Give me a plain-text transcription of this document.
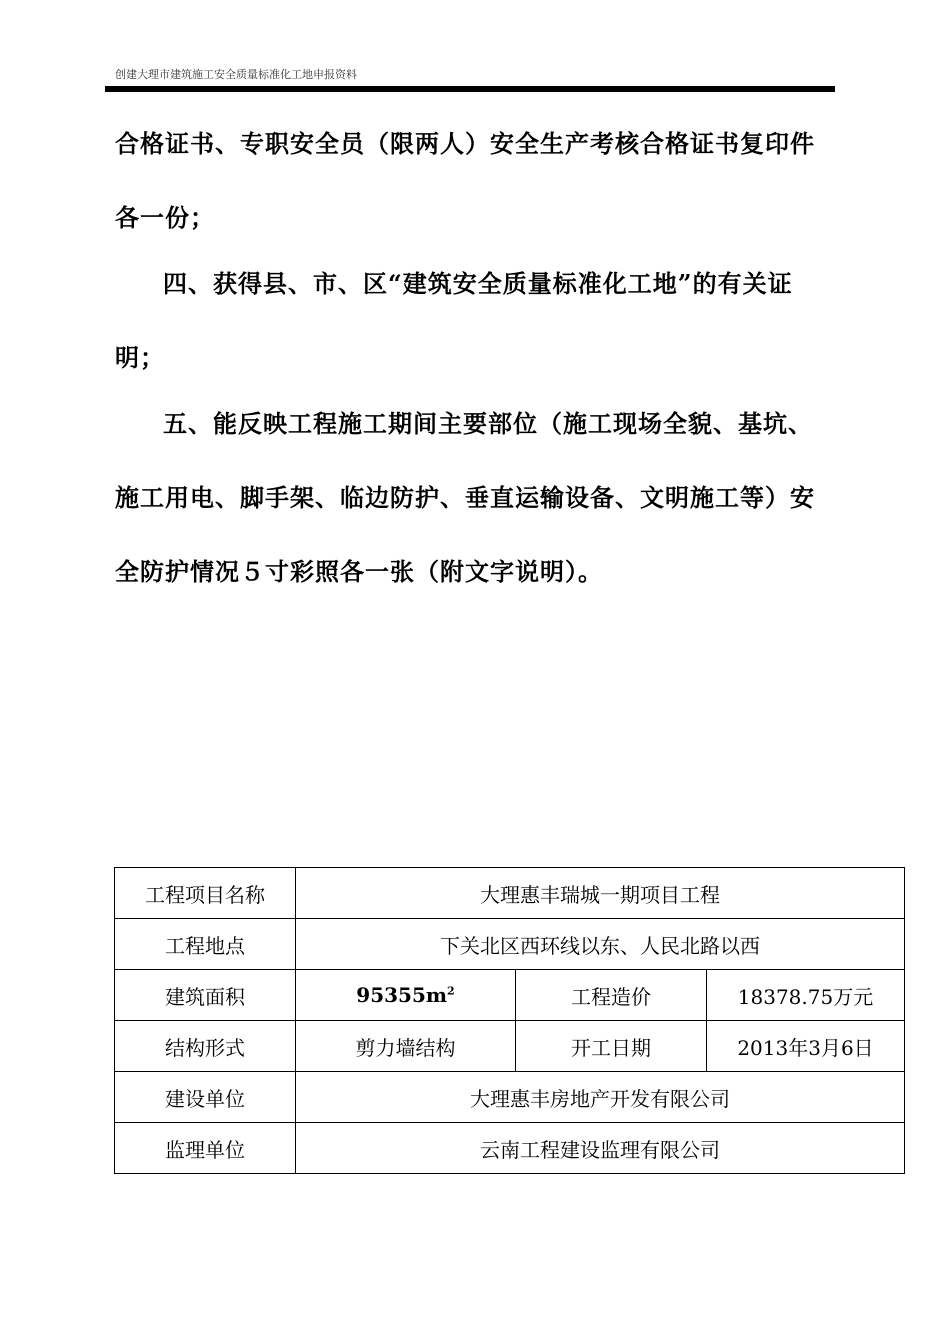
创建大理市建筑施工安全质量标准化工地申报资料
合格证书、专职安全员（限两人）安全生产考核合格证书复印件
各一份；
四、获得县、市、区“建筑安全质量标准化工地”的有关证
明；
五、能反映工程施工期间主要部位（施工现场全貌、基坑、
施工用电、脚手架、临边防护、垂直运输设备、文明施工等）安
全防护情况５寸彩照各一张（附文字说明）。
工程项目名称	大理惠丰瑞城一期项目工程		
工程地点	下关北区西环线以东、人民北路以西		
建筑面积	$95355m^2$	工程造价	18378.75万元
结构形式	剪力墙结构	开工日期	2013年3月6日
建设单位	大理惠丰房地产开发有限公司		
监理单位	云南工程建设监理有限公司		
